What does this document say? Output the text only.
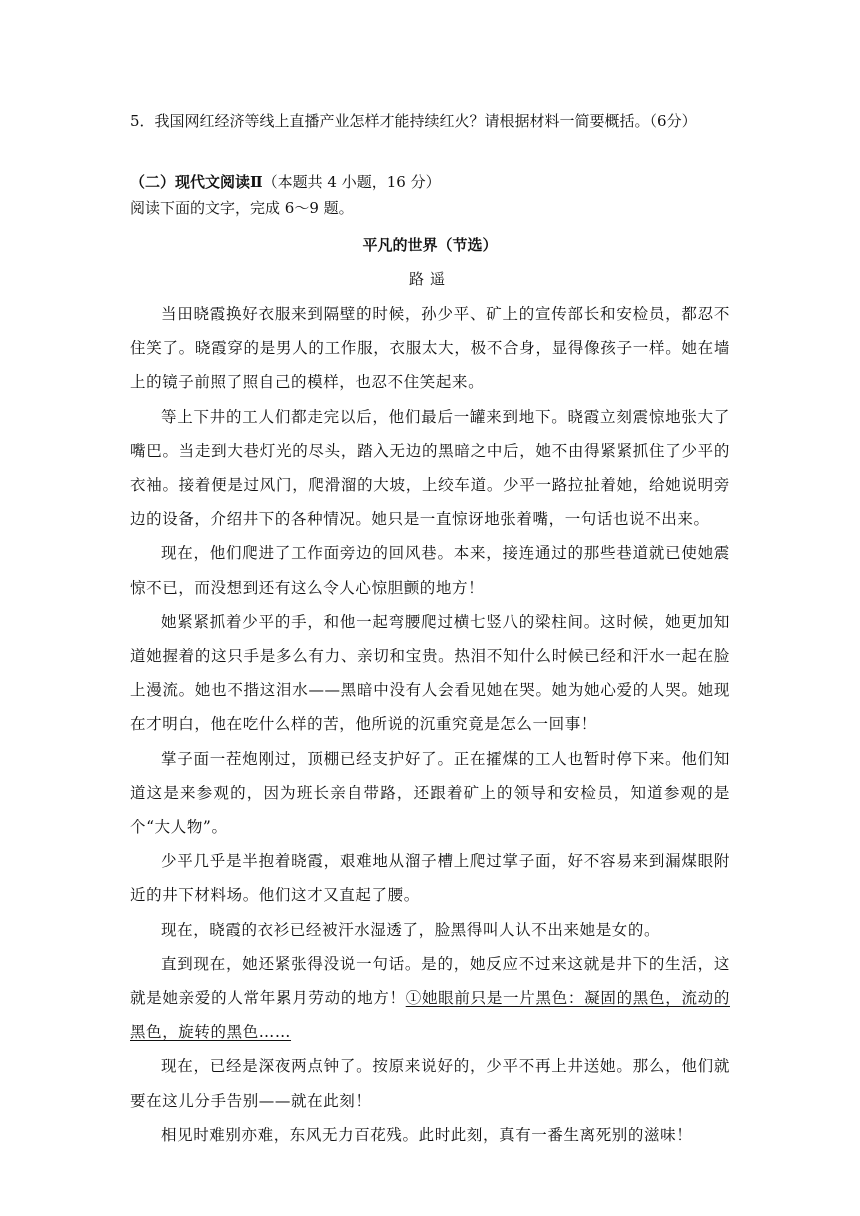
5．我国网红经济等线上直播产业怎样才能持续红火？请根据材料一简要概括。（6分）
（二）现代文阅读Ⅱ（本题共 4 小题，16 分）
阅读下面的文字，完成 6～9 题。
平凡的世界（节选）
路遥

当田晓霞换好衣服来到隔壁的时候，孙少平、矿上的宣传部长和安检员，都忍不住笑了。晓霞穿的是男人的工作服，衣服太大，极不合身，显得像孩子一样。她在墙上的镜子前照了照自己的模样，也忍不住笑起来。

等上下井的工人们都走完以后，他们最后一罐来到地下。晓霞立刻震惊地张大了嘴巴。当走到大巷灯光的尽头，踏入无边的黑暗之中后，她不由得紧紧抓住了少平的衣袖。接着便是过风门，爬滑溜的大坡，上绞车道。少平一路拉扯着她，给她说明旁边的设备，介绍井下的各种情况。她只是一直惊讶地张着嘴，一句话也说不出来。

现在，他们爬进了工作面旁边的回风巷。本来，接连通过的那些巷道就已使她震惊不已，而没想到还有这么令人心惊胆颤的地方！

她紧紧抓着少平的手，和他一起弯腰爬过横七竖八的梁柱间。这时候，她更加知道她握着的这只手是多么有力、亲切和宝贵。热泪不知什么时候已经和汗水一起在脸上漫流。她也不揩这泪水——黑暗中没有人会看见她在哭。她为她心爱的人哭。她现在才明白，他在吃什么样的苦，他所说的沉重究竟是怎么一回事！

掌子面一茬炮刚过，顶棚已经支护好了。正在攉煤的工人也暂时停下来。他们知道这是来参观的，因为班长亲自带路，还跟着矿上的领导和安检员，知道参观的是个“大人物”。

少平几乎是半抱着晓霞，艰难地从溜子槽上爬过掌子面，好不容易来到漏煤眼附近的井下材料场。他们这才又直起了腰。

现在，晓霞的衣衫已经被汗水湿透了，脸黑得叫人认不出来她是女的。

直到现在，她还紧张得没说一句话。是的，她反应不过来这就是井下的生活，这就是她亲爱的人常年累月劳动的地方！①她眼前只是一片黑色：凝固的黑色，流动的黑色，旋转的黑色……

现在，已经是深夜两点钟了。按原来说好的，少平不再上井送她。那么，他们就要在这儿分手告别——就在此刻！

相见时难别亦难，东风无力百花残。此时此刻，真有一番生离死别的滋味！
